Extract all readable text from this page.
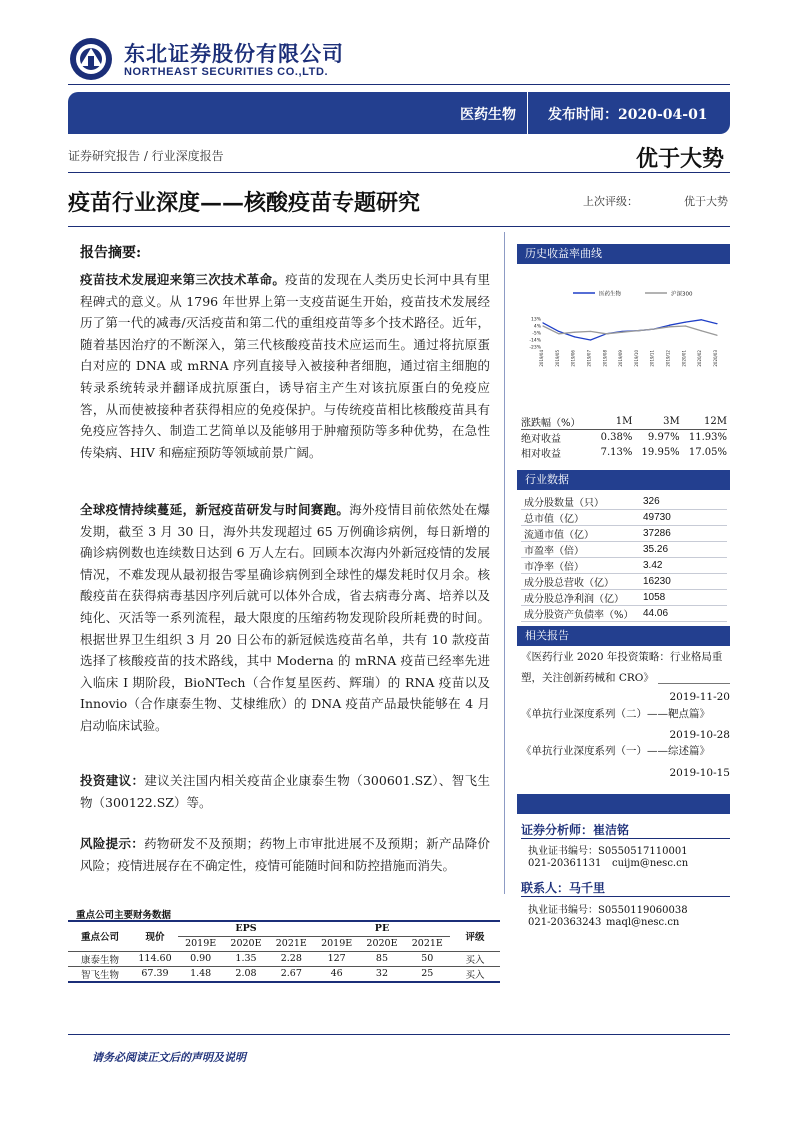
东北证券股份有限公司
NORTHEAST SECURITIES CO.,LTD.
医药生物 发布时间：2020-04-01
证券研究报告 / 行业深度报告	优于大势
疫苗行业深度——核酸疫苗专题研究	上次评级：	优于大势
报告摘要:
疫苗技术发展迎来第三次技术革命。疫苗的发现在人类历史长河中具有里程碑式的意义。从 1796 年世界上第一支疫苗诞生开始，疫苗技术发展经历了第一代的减毒/灭活疫苗和第二代的重组疫苗等多个技术路径。近年，随着基因治疗的不断深入，第三代核酸疫苗技术应运而生。通过将抗原蛋白对应的 DNA 或 mRNA 序列直接导入被接种者细胞，通过宿主细胞的转录系统转录并翻译成抗原蛋白，诱导宿主产生对该抗原蛋白的免疫应答，从而使被接种者获得相应的免疫保护。与传统疫苗相比核酸疫苗具有免疫应答持久、制造工艺简单以及能够用于肿瘤预防等多种优势，在急性传染病、HIV 和癌症预防等领域前景广阔。
全球疫情持续蔓延，新冠疫苗研发与时间赛跑。海外疫情目前依然处在爆发期，截至 3 月 30 日，海外共发现超过 65 万例确诊病例，每日新增的确诊病例数也连续数日达到 6 万人左右。回顾本次海内外新冠疫情的发展情况，不难发现从最初报告零星确诊病例到全球性的爆发耗时仅月余。核酸疫苗在获得病毒基因序列后就可以体外合成，省去病毒分离、培养以及纯化、灭活等一系列流程，最大限度的压缩药物发现阶段所耗费的时间。根据世界卫生组织 3 月 20 日公布的新冠候选疫苗名单，共有 10 款疫苗选择了核酸疫苗的技术路线，其中 Moderna 的 mRNA 疫苗已经率先进入临床 I 期阶段，BioNTech（合作复星医药、辉瑞）的 RNA 疫苗以及 Innovio（合作康泰生物、艾棣维欣）的 DNA 疫苗产品最快能够在 4 月启动临床试验。
投资建议：建议关注国内相关疫苗企业康泰生物（300601.SZ）、智飞生物（300122.SZ）等。
风险提示：药物研发不及预期；药物上市审批进展不及预期；新产品降价风险；疫情进展存在不确定性，疫情可能随时间和防控措施而消失。
重点公司主要财务数据
重点公司	现价	EPS			PE			评级
		2019E	2020E	2021E	2019E	2020E	2021E	
康泰生物	114.60	0.90	1.35	2.28	127	85	50	买入
智飞生物	67.39	1.48	2.08	2.67	46	32	25	买入
历史收益率曲线
医药生物	沪深300
13%
4%
-5%
-14%
-23%
2019/04	2019/05	2019/06	2019/07	2019/08	2019/09	2019/10	2019/11	2019/12	2020/01	2020/02	2020/03
涨跌幅（%）	1M	3M	12M
绝对收益	0.38%	9.97%	11.93%
相对收益	7.13%	19.95%	17.05%
行业数据
成分股数量（只）	326
总市值（亿）	49730
流通市值（亿）	37286
市盈率（倍）	35.26
市净率（倍）	3.42
成分股总营收（亿）	16230
成分股总净利润（亿）	1058
成分股资产负债率（%）	44.06
相关报告
《医药行业 2020 年投资策略：行业格局重塑，关注创新药械和 CRO》
2019-11-20
《单抗行业深度系列（二）——靶点篇》
2019-10-28
《单抗行业深度系列（一）——综述篇》
2019-10-15
证券分析师：崔洁铭
执业证书编号：S0550517110001
021-20361131 cuijm@nesc.cn
联系人：马千里
执业证书编号：S0550119060038
021-20363243 maql@nesc.cn
请务必阅读正文后的声明及说明
